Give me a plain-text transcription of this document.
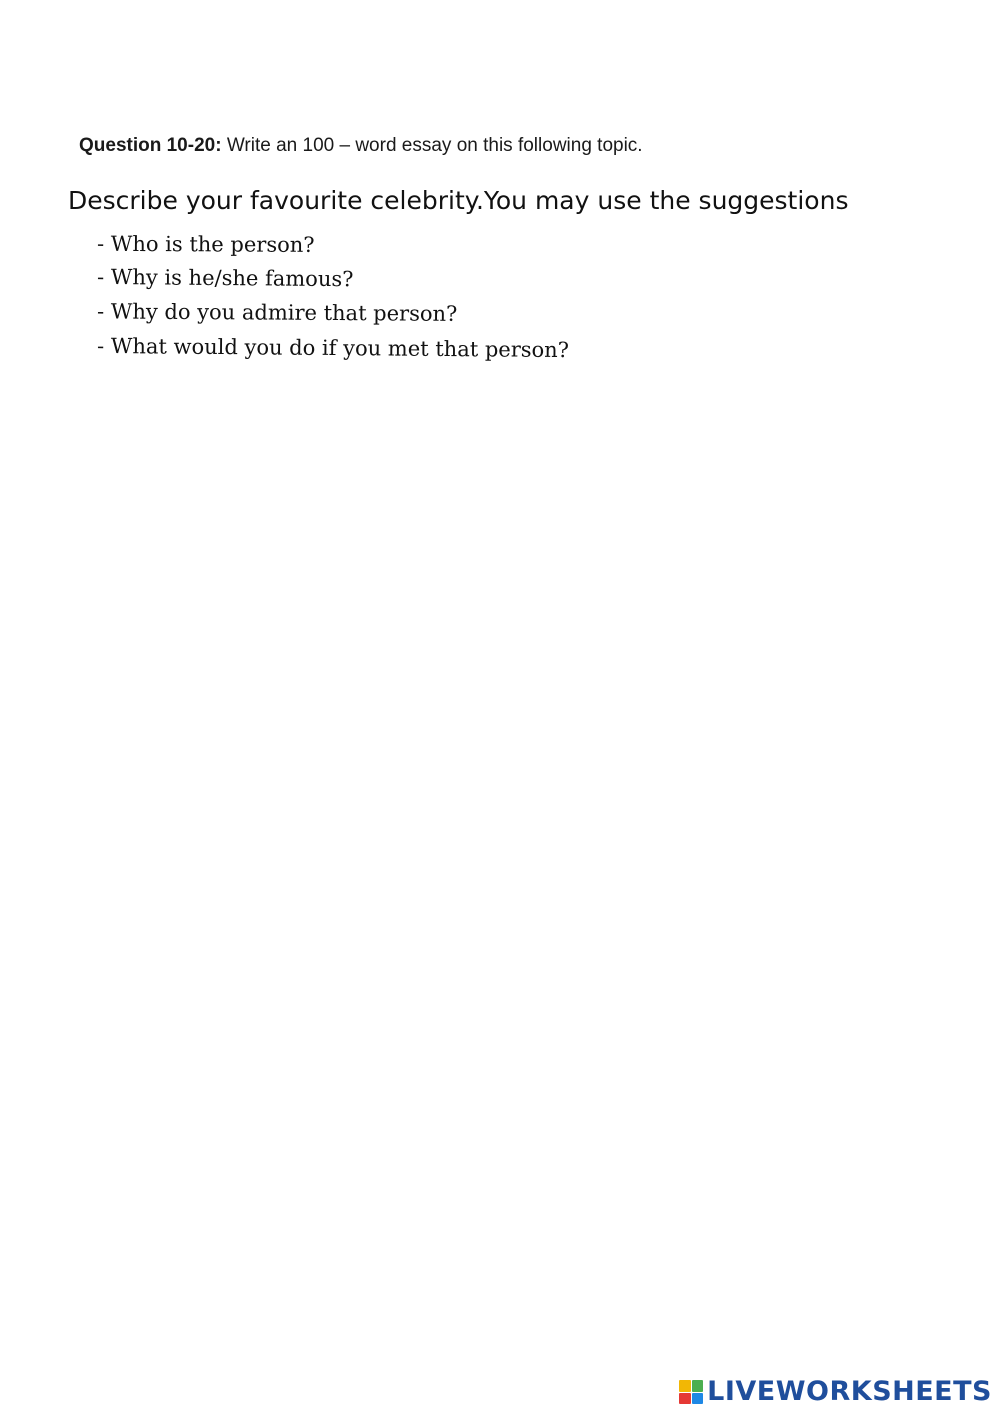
Question 10-20: Write an 100 – word essay on this following topic.
Describe your favourite celebrity.You may use the suggestions
- Who is the person?
- Why is he/she famous?
- Why do you admire that person?
- What would you do if you met that person?
LIVEWORKSHEETS
